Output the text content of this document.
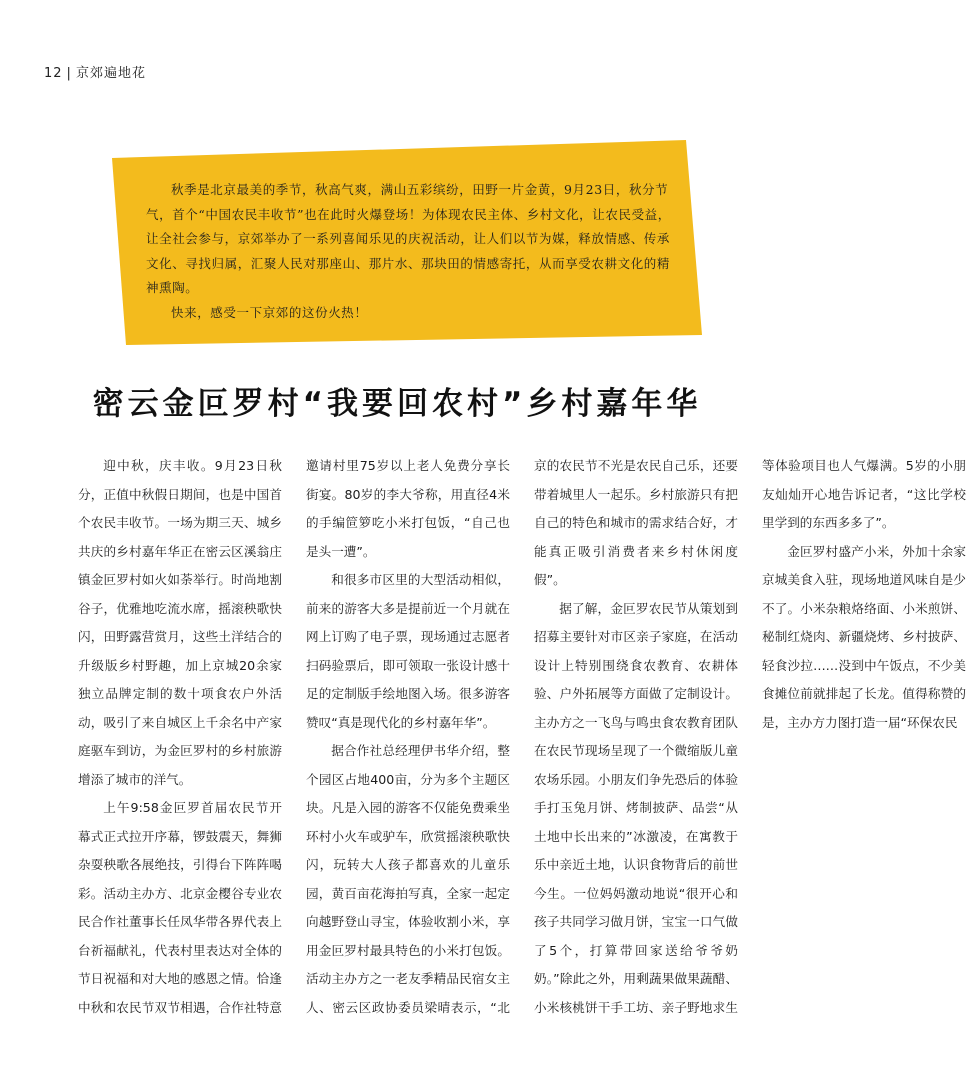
12 | 京郊遍地花

秋季是北京最美的季节，秋高气爽，满山五彩缤纷，田野一片金黄，9月23日，秋分节气，首个“中国农民丰收节”也在此时火爆登场！为体现农民主体、乡村文化，让农民受益，让全社会参与，京郊举办了一系列喜闻乐见的庆祝活动，让人们以节为媒，释放情感、传承文化、寻找归属，汇聚人民对那座山、那片水、那块田的情感寄托，从而享受农耕文化的精神熏陶。

快来，感受一下京郊的这份火热！

密云金叵罗村“我要回农村”乡村嘉年华

迎中秋，庆丰收。9月23日秋分，正值中秋假日期间，也是中国首个农民丰收节。一场为期三天、城乡共庆的乡村嘉年华正在密云区溪翁庄镇金叵罗村如火如荼举行。时尚地割谷子，优雅地吃流水席，摇滚秧歌快闪，田野露营赏月，这些土洋结合的升级版乡村野趣，加上京城20余家独立品牌定制的数十项食农户外活动，吸引了来自城区上千余名中产家庭驱车到访，为金叵罗村的乡村旅游增添了城市的洋气。

上午9:58金叵罗首届农民节开幕式正式拉开序幕，锣鼓震天，舞狮杂耍秧歌各展绝技，引得台下阵阵喝彩。活动主办方、北京金樱谷专业农民合作社董事长任凤华带各界代表上台祈福献礼，代表村里表达对全体的节日祝福和对大地的感恩之情。恰逢中秋和农民节双节相遇，合作社特意邀请村里75岁以上老人免费分享长街宴。80岁的李大爷称，用直径4米的手编笸箩吃小米打包饭，“自己也是头一遭”。

和很多市区里的大型活动相似，前来的游客大多是提前近一个月就在网上订购了电子票，现场通过志愿者扫码验票后，即可领取一张设计感十足的定制版手绘地图入场。很多游客赞叹“真是现代化的乡村嘉年华”。

据合作社总经理伊书华介绍，整个园区占地400亩，分为多个主题区块。凡是入园的游客不仅能免费乘坐环村小火车或驴车，欣赏摇滚秧歌快闪，玩转大人孩子都喜欢的儿童乐园，黄百亩花海拍写真，全家一起定向越野登山寻宝，体验收割小米，享用金叵罗村最具特色的小米打包饭。活动主办方之一老友季精品民宿女主人、密云区政协委员梁晴表示，“北京的农民节不光是农民自己乐，还要带着城里人一起乐。乡村旅游只有把自己的特色和城市的需求结合好，才能真正吸引消费者来乡村休闲度假”。

据了解，金叵罗农民节从策划到招募主要针对市区亲子家庭，在活动设计上特别围绕食农教育、农耕体验、户外拓展等方面做了定制设计。主办方之一飞鸟与鸣虫食农教育团队在农民节现场呈现了一个微缩版儿童农场乐园。小朋友们争先恐后的体验手打玉兔月饼、烤制披萨、品尝“从土地中长出来的”冰激凌，在寓教于乐中亲近土地，认识食物背后的前世今生。一位妈妈激动地说“很开心和孩子共同学习做月饼，宝宝一口气做了5个，打算带回家送给爷爷奶奶。”除此之外，用剩蔬果做果蔬醋、小米核桃饼干手工坊、亲子野地求生等体验项目也人气爆满。5岁的小朋友灿灿开心地告诉记者，“这比学校里学到的东西多多了”。

金叵罗村盛产小米，外加十余家京城美食入驻，现场地道风味自是少不了。小米杂粮烙络面、小米煎饼、秘制红烧肉、新疆烧烤、乡村披萨、轻食沙拉……没到中午饭点，不少美食摊位前就排起了长龙。值得称赞的是，主办方力图打造一届“环保农民
